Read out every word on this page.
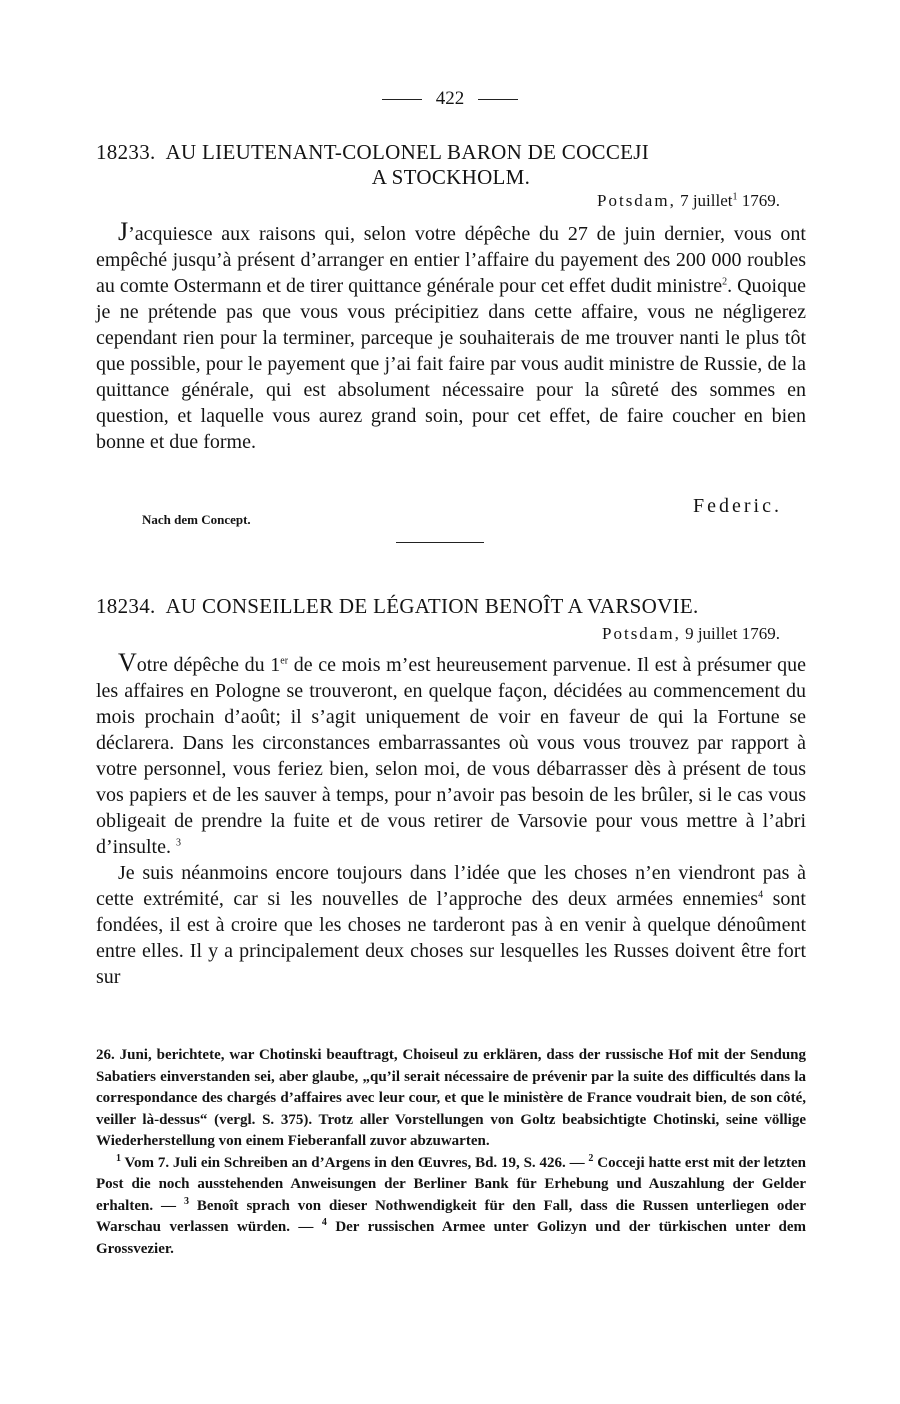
422
18233. AU LIEUTENANT-COLONEL BARON DE COCCEJI
A STOCKHOLM.
Potsdam, 7 juillet$^1$ 1769.

J’acquiesce aux raisons qui, selon votre dépêche du 27 de juin dernier, vous ont empêché jusqu’à présent d’arranger en entier l’affaire du payement des 200 000 roubles au comte Ostermann et de tirer quittance générale pour cet effet dudit ministre$^2$. Quoique je ne prétende pas que vous vous précipitiez dans cette affaire, vous ne négligerez cependant rien pour la terminer, parceque je souhaiterais de me trouver nanti le plus tôt que possible, pour le payement que j’ai fait faire par vous audit ministre de Russie, de la quittance générale, qui est absolument nécessaire pour la sûreté des sommes en question, et laquelle vous aurez grand soin, pour cet effet, de faire coucher en bien bonne et due forme.

Federic.
Nach dem Concept.
18234. AU CONSEILLER DE LÉGATION BENOÎT A VARSOVIE.
Potsdam, 9 juillet 1769.

Votre dépêche du 1er de ce mois m’est heureusement parvenue. Il est à présumer que les affaires en Pologne se trouveront, en quelque façon, décidées au commencement du mois prochain d’août; il s’agit uniquement de voir en faveur de qui la Fortune se déclarera. Dans les circonstances embarrassantes où vous vous trouvez par rapport à votre personnel, vous feriez bien, selon moi, de vous débarrasser dès à présent de tous vos papiers et de les sauver à temps, pour n’avoir pas besoin de les brûler, si le cas vous obligeait de prendre la fuite et de vous retirer de Varsovie pour vous mettre à l’abri d’insulte. $^3$

Je suis néanmoins encore toujours dans l’idée que les choses n’en viendront pas à cette extrémité, car si les nouvelles de l’approche des deux armées ennemies$^4$ sont fondées, il est à croire que les choses ne tarderont pas à en venir à quelque dénoûment entre elles. Il y a principalement deux choses sur lesquelles les Russes doivent être fort sur

26. Juni, berichtete, war Chotinski beauftragt, Choiseul zu erklären, dass der russische Hof mit der Sendung Sabatiers einverstanden sei, aber glaube, „qu’il serait nécessaire de prévenir par la suite des difficultés dans la correspondance des chargés d’affaires avec leur cour, et que le ministère de France voudrait bien, de son côté, veiller là-dessus“ (vergl. S. 375). Trotz aller Vorstellungen von Goltz beabsichtigte Chotinski, seine völlige Wiederherstellung von einem Fieberanfall zuvor abzuwarten.

$^1$ Vom 7. Juli ein Schreiben an d’Argens in den Œuvres, Bd. 19, S. 426. — $^2$ Cocceji hatte erst mit der letzten Post die noch ausstehenden Anweisungen der Berliner Bank für Erhebung und Auszahlung der Gelder erhalten. — $^3$ Benoît sprach von dieser Nothwendigkeit für den Fall, dass die Russen unterliegen oder Warschau verlassen würden. — $^4$ Der russischen Armee unter Golizyn und der türkischen unter dem Grossvezier.
